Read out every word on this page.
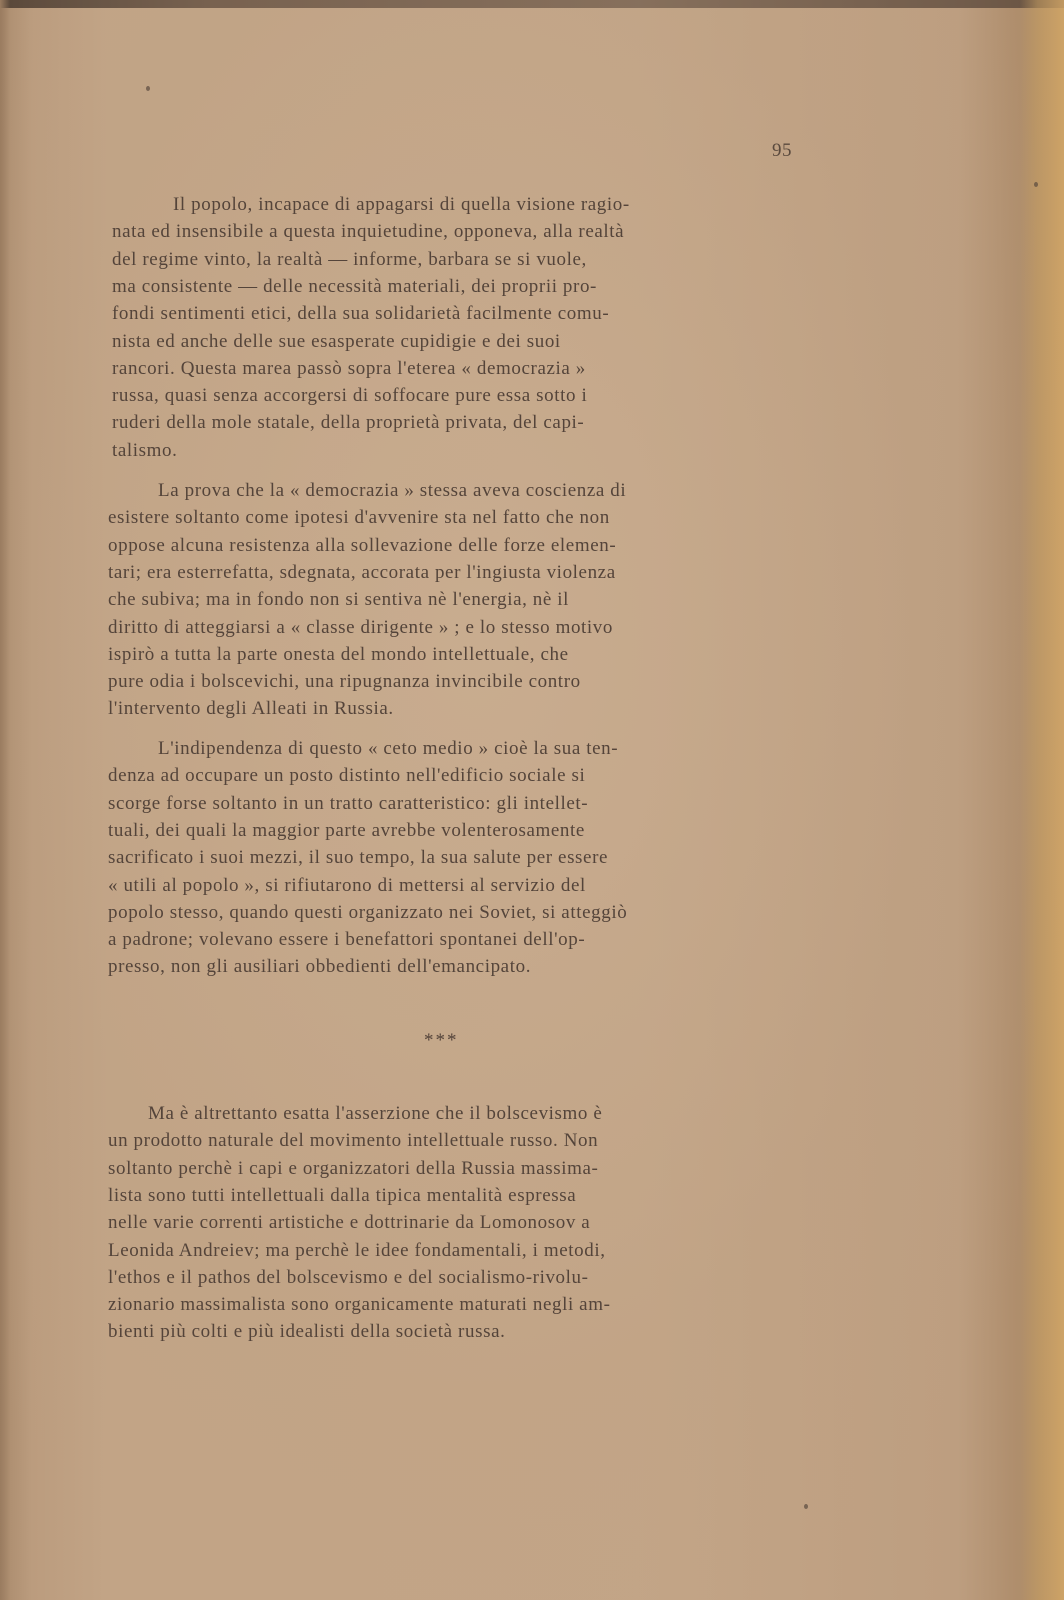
95
Il popolo, incapace di appagarsi di quella visione ragio-
nata ed insensibile a questa inquietudine, opponeva, alla realtà
del regime vinto, la realtà — informe, barbara se si vuole,
ma consistente — delle necessità materiali, dei proprii pro-
fondi sentimenti etici, della sua solidarietà facilmente comu-
nista ed anche delle sue esasperate cupidigie e dei suoi
rancori. Questa marea passò sopra l'eterea « democrazia »
russa, quasi senza accorgersi di soffocare pure essa sotto i
ruderi della mole statale, della proprietà privata, del capi-
talismo.
La prova che la « democrazia » stessa aveva coscienza di
esistere soltanto come ipotesi d'avvenire sta nel fatto che non
oppose alcuna resistenza alla sollevazione delle forze elemen-
tari; era esterrefatta, sdegnata, accorata per l'ingiusta violenza
che subiva; ma in fondo non si sentiva nè l'energia, nè il
diritto di atteggiarsi a « classe dirigente » ; e lo stesso motivo
ispirò a tutta la parte onesta del mondo intellettuale, che
pure odia i bolscevichi, una ripugnanza invincibile contro
l'intervento degli Alleati in Russia.
L'indipendenza di questo « ceto medio » cioè la sua ten-
denza ad occupare un posto distinto nell'edificio sociale si
scorge forse soltanto in un tratto caratteristico: gli intellet-
tuali, dei quali la maggior parte avrebbe volenterosamente
sacrificato i suoi mezzi, il suo tempo, la sua salute per essere
« utili al popolo », si rifiutarono di mettersi al servizio del
popolo stesso, quando questi organizzato nei Soviet, si atteggiò
a padrone; volevano essere i benefattori spontanei dell'op-
presso, non gli ausiliari obbedienti dell'emancipato.
Ma è altrettanto esatta l'asserzione che il bolscevismo è
un prodotto naturale del movimento intellettuale russo. Non
soltanto perchè i capi e organizzatori della Russia massima-
lista sono tutti intellettuali dalla tipica mentalità espressa
nelle varie correnti artistiche e dottrinarie da Lomonosov a
Leonida Andreiev; ma perchè le idee fondamentali, i metodi,
l'ethos e il pathos del bolscevismo e del socialismo-rivolu-
zionario massimalista sono organicamente maturati negli am-
bienti più colti e più idealisti della società russa.
***
